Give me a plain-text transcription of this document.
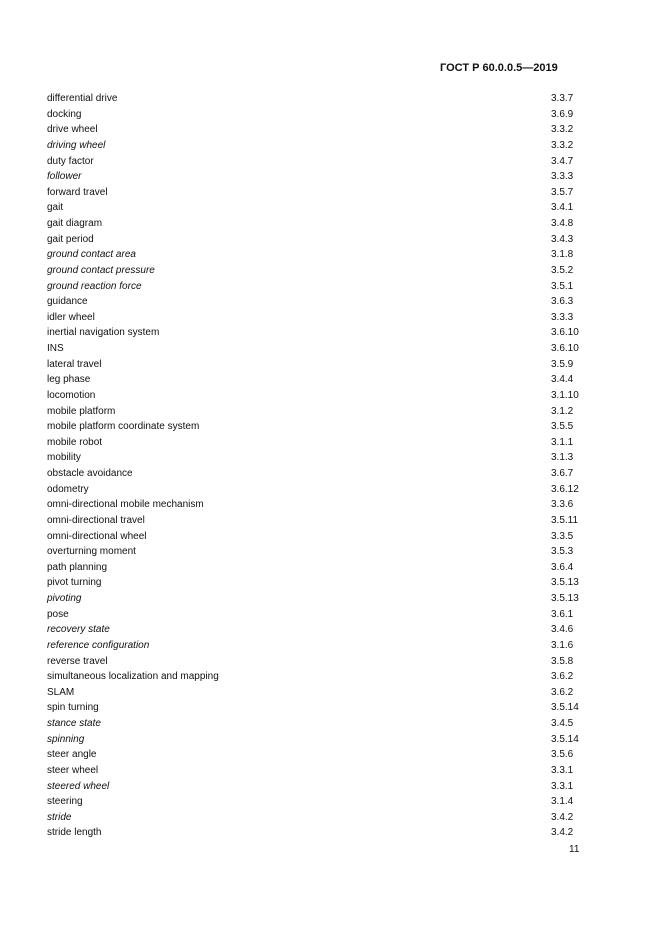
ГОСТ Р 60.0.0.5—2019
differential drive	3.3.7
docking	3.6.9
drive wheel	3.3.2
driving wheel	3.3.2
duty factor	3.4.7
follower	3.3.3
forward travel	3.5.7
gait	3.4.1
gait diagram	3.4.8
gait period	3.4.3
ground contact area	3.1.8
ground contact pressure	3.5.2
ground reaction force	3.5.1
guidance	3.6.3
idler wheel	3.3.3
inertial navigation system	3.6.10
INS	3.6.10
lateral travel	3.5.9
leg phase	3.4.4
locomotion	3.1.10
mobile platform	3.1.2
mobile platform coordinate system	3.5.5
mobile robot	3.1.1
mobility	3.1.3
obstacle avoidance	3.6.7
odometry	3.6.12
omni-directional mobile mechanism	3.3.6
omni-directional travel	3.5.11
omni-directional wheel	3.3.5
overturning moment	3.5.3
path planning	3.6.4
pivot turning	3.5.13
pivoting	3.5.13
pose	3.6.1
recovery state	3.4.6
reference configuration	3.1.6
reverse travel	3.5.8
simultaneous localization and mapping	3.6.2
SLAM	3.6.2
spin turning	3.5.14
stance state	3.4.5
spinning	3.5.14
steer angle	3.5.6
steer wheel	3.3.1
steered wheel	3.3.1
steering	3.1.4
stride	3.4.2
stride length	3.4.2
11
